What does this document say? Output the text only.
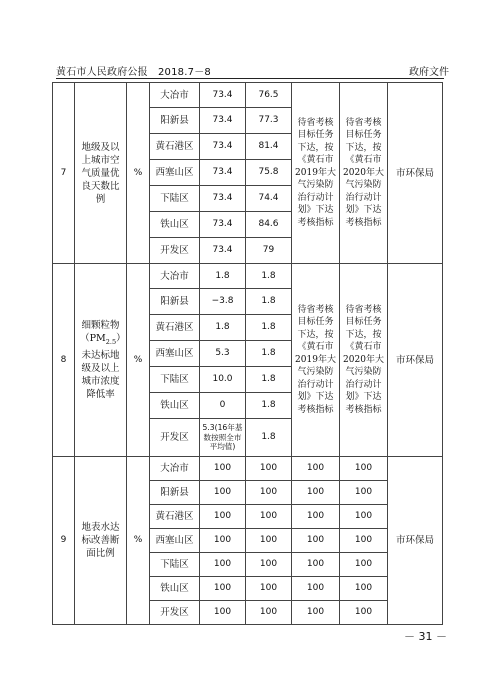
黄石市人民政府公报　2018.7－8	政府文件
7	地级及以上城市空气质量优良天数比例	%	大冶市	73.4	76.5	待省考核目标任务下达，按《黄石市2019年大气污染防治行动计划》下达考核指标	待省考核目标任务下达，按《黄石市2020年大气污染防治行动计划》下达考核指标	市环保局
			阳新县	73.4	77.3			
			黄石港区	73.4	81.4			
			西塞山区	73.4	75.8			
			下陆区	73.4	74.4			
			铁山区	73.4	84.6			
			开发区	73.4	79			
8	细颗粒物$(PM_{2.5})$未达标地级及以上城市浓度降低率	%	大冶市	1.8	1.8	待省考核目标任务下达，按《黄石市2019年大气污染防治行动计划》下达考核指标	待省考核目标任务下达，按《黄石市2020年大气污染防治行动计划》下达考核指标	市环保局
			阳新县	−3.8	1.8			
			黄石港区	1.8	1.8			
			西塞山区	5.3	1.8			
			下陆区	10.0	1.8			
			铁山区	0	1.8			
			开发区	5.3(16年基数按照全市平均值)	1.8			
9	地表水达标改善断面比例	%	大冶市	100	100	100	100	市环保局
			阳新县	100	100	100	100	
			黄石港区	100	100	100	100	
			西塞山区	100	100	100	100	
			下陆区	100	100	100	100	
			铁山区	100	100	100	100	
			开发区	100	100	100	100	
－ 31 －
